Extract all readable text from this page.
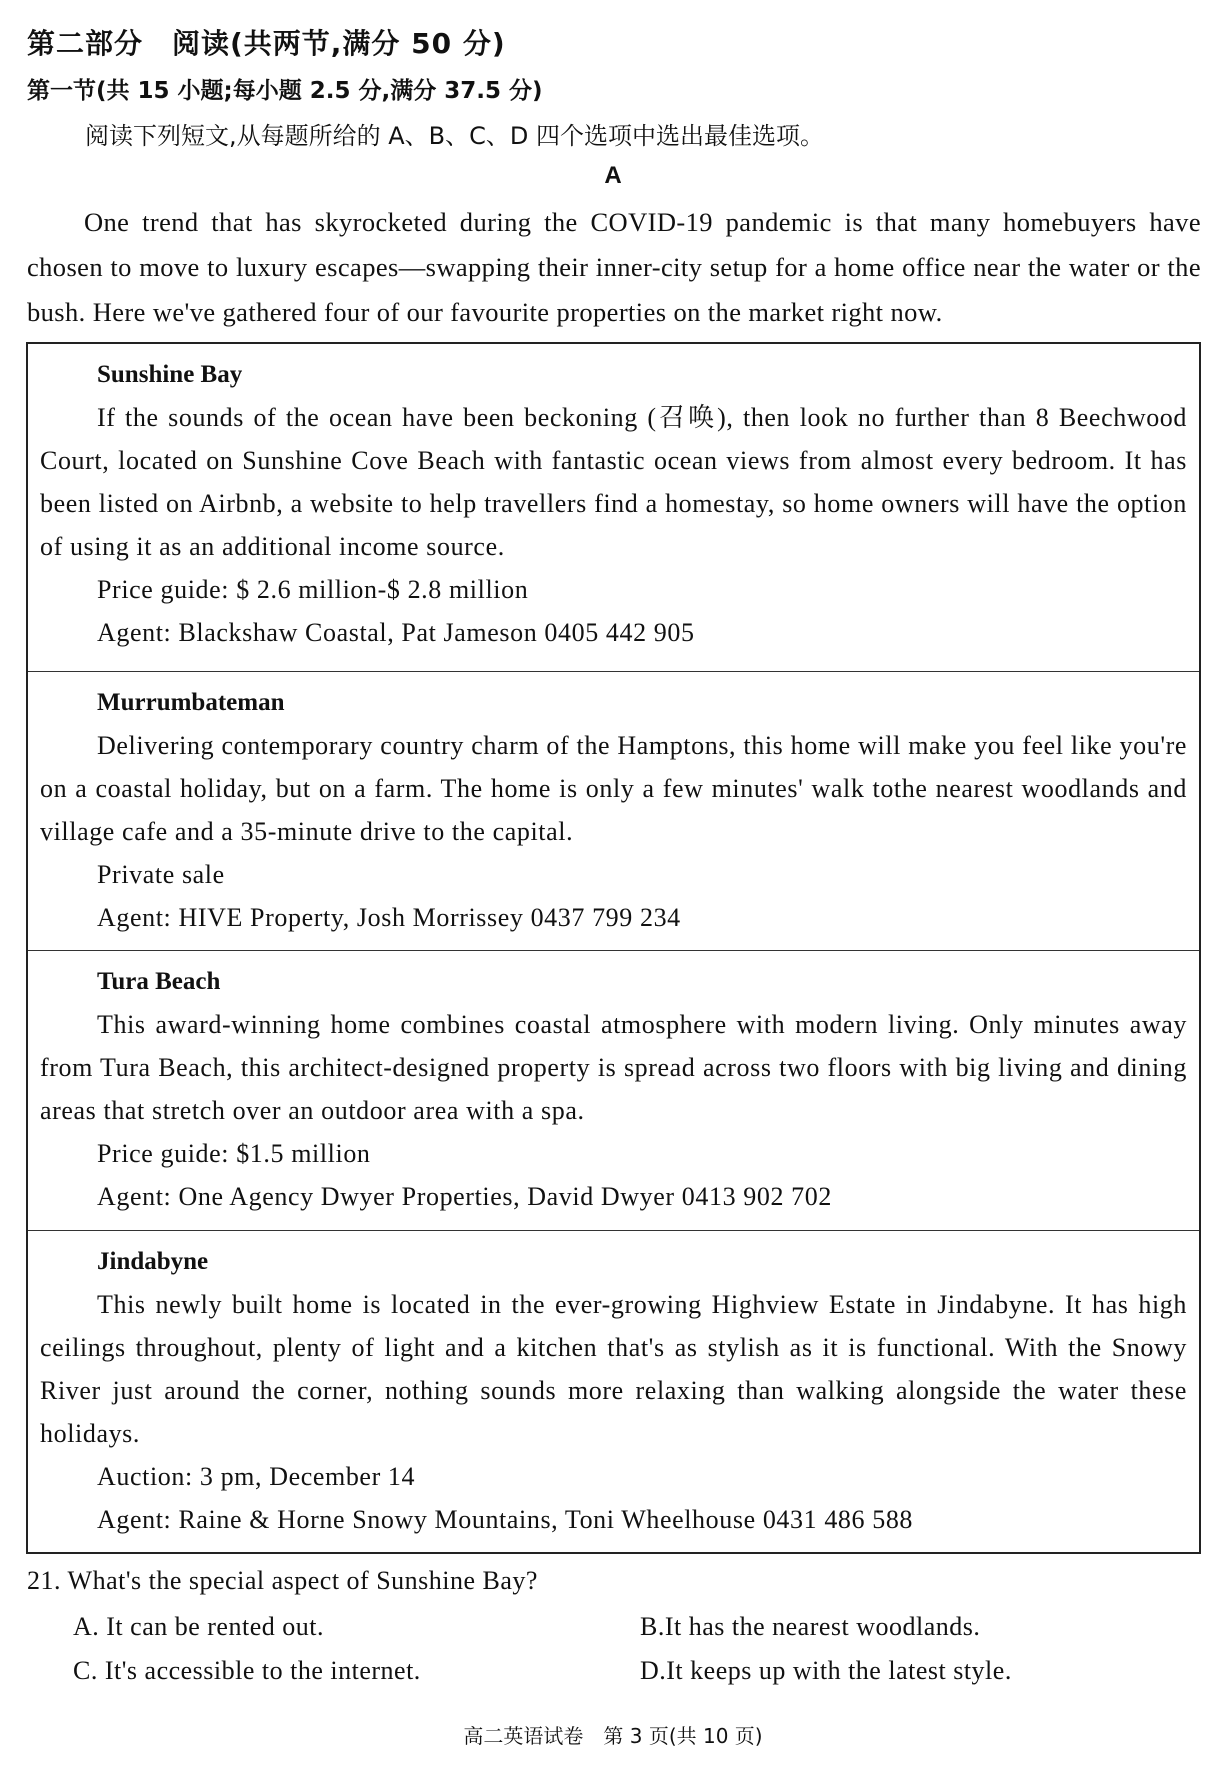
第二部分　阅读(共两节,满分 50 分)
第一节(共 15 小题;每小题 2.5 分,满分 37.5 分)
阅读下列短文,从每题所给的 A、B、C、D 四个选项中选出最佳选项。
A

One trend that has skyrocketed during the COVID-19 pandemic is that many homebuyers have chosen to move to luxury escapes—swapping their inner-city setup for a home office near the water or the bush. Here we've gathered four of our favourite properties on the market right now.

Sunshine Bay

If the sounds of the ocean have been beckoning (召唤), then look no further than 8 Beechwood Court, located on Sunshine Cove Beach with fantastic ocean views from almost every bedroom. It has been listed on Airbnb, a website to help travellers find a homestay, so home owners will have the option of using it as an additional income source.

Price guide: $ 2.6 million-$ 2.8 million

Agent: Blackshaw Coastal, Pat Jameson 0405 442 905

Murrumbateman

Delivering contemporary country charm of the Hamptons, this home will make you feel like you're on a coastal holiday, but on a farm. The home is only a few minutes' walk tothe nearest woodlands and village cafe and a 35-minute drive to the capital.

Private sale

Agent: HIVE Property, Josh Morrissey 0437 799 234

Tura Beach

This award-winning home combines coastal atmosphere with modern living. Only minutes away from Tura Beach, this architect-designed property is spread across two floors with big living and dining areas that stretch over an outdoor area with a spa.

Price guide: $1.5 million

Agent: One Agency Dwyer Properties, David Dwyer 0413 902 702

Jindabyne

This newly built home is located in the ever-growing Highview Estate in Jindabyne. It has high ceilings throughout, plenty of light and a kitchen that's as stylish as it is functional. With the Snowy River just around the corner, nothing sounds more relaxing than walking alongside the water these holidays.

Auction: 3 pm, December 14

Agent: Raine & Horne Snowy Mountains, Toni Wheelhouse 0431 486 588

21. What's the special aspect of Sunshine Bay?
A. It can be rented out.	B.It has the nearest woodlands.
C. It's accessible to the internet.	D.It keeps up with the latest style.
高二英语试卷　第 3 页(共 10 页)
